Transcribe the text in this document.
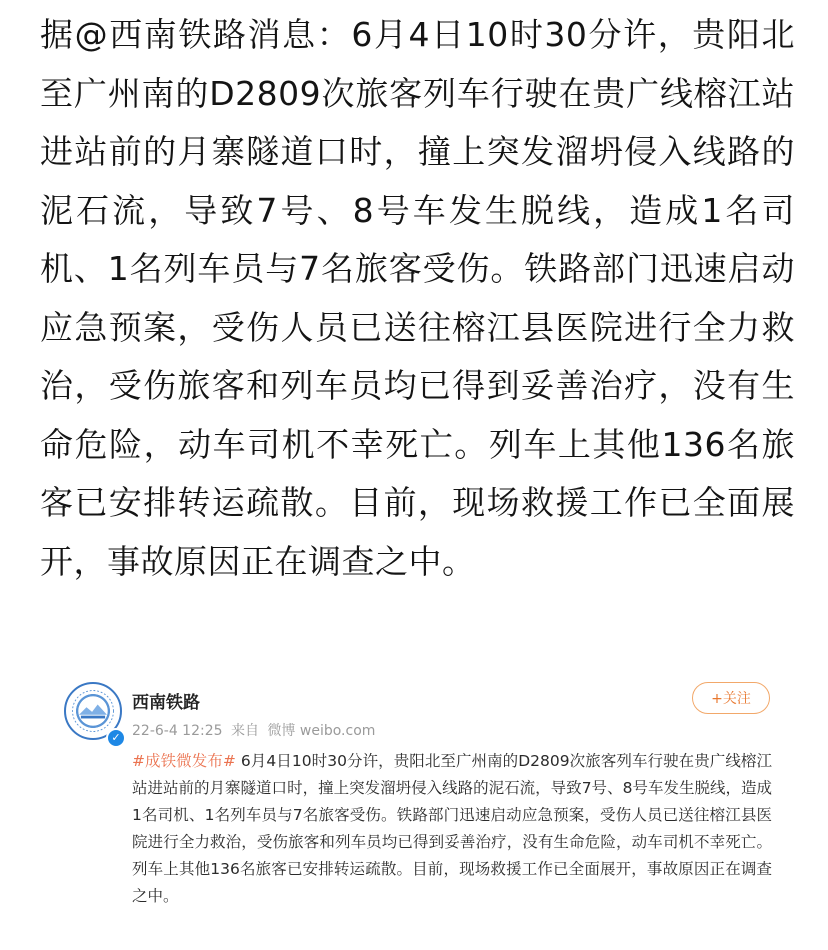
据@西南铁路消息：6月4日10时30分许，贵阳北至广州南的D2809次旅客列车行驶在贵广线榕江站进站前的月寨隧道口时，撞上突发溜坍侵入线路的泥石流，导致7号、8号车发生脱线，造成1名司机、1名列车员与7名旅客受伤。铁路部门迅速启动应急预案，受伤人员已送往榕江县医院进行全力救治，受伤旅客和列车员均已得到妥善治疗，没有生命危险，动车司机不幸死亡。列车上其他136名旅客已安排转运疏散。目前，现场救援工作已全面展开，事故原因正在调查之中。
✓
西南铁路
22-6-4 12:25 来自 微博 weibo.com
+关注
#成铁微发布# 6月4日10时30分许，贵阳北至广州南的D2809次旅客列车行驶在贵广线榕江站进站前的月寨隧道口时，撞上突发溜坍侵入线路的泥石流，导致7号、8号车发生脱线，造成1名司机、1名列车员与7名旅客受伤。铁路部门迅速启动应急预案，受伤人员已送往榕江县医院进行全力救治，受伤旅客和列车员均已得到妥善治疗，没有生命危险，动车司机不幸死亡。列车上其他136名旅客已安排转运疏散。目前，现场救援工作已全面展开，事故原因正在调查之中。
